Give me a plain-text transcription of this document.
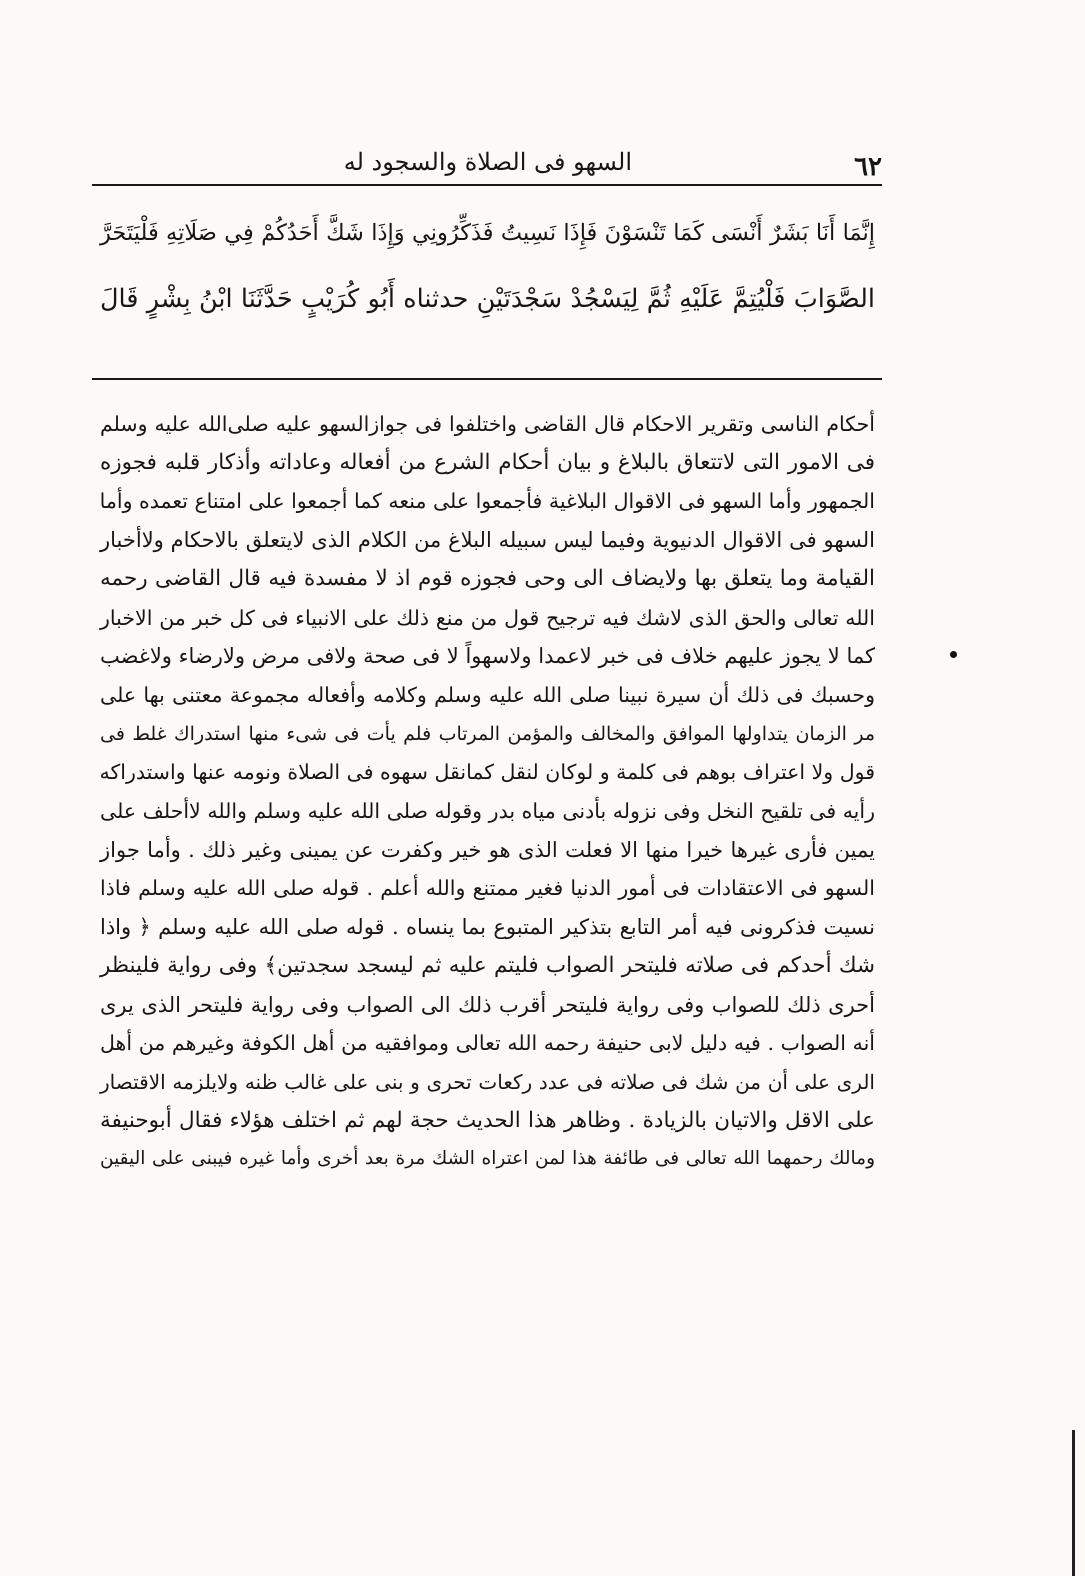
٦٢
السهو فى الصلاة والسجود له
إِنَّمَا أَنَا بَشَرٌ أَنْسَى كَمَا تَنْسَوْنَ فَإِذَا نَسِيتُ فَذَكِّرُونِي وَإِذَا شَكَّ أَحَدُكُمْ فِي صَلَاتِهِ فَلْيَتَحَرَّ
الصَّوَابَ فَلْيُتِمَّ عَلَيْهِ ثُمَّ لِيَسْجُدْ سَجْدَتَيْنِ حدثناه أَبُو كُرَيْبٍ حَدَّثَنَا ابْنُ بِشْرٍ قَالَ
أحكام الناسى وتقرير الاحكام قال القاضى واختلفوا فى جوازالسهو عليه صلى‌الله عليه وسلم
فى الامور التى لاتتعاق بالبلاغ و بيان أحكام الشرع من أفعاله وعاداته وأذكار قلبه فجوزه
الجمهور وأما السهو فى الاقوال البلاغية فأجمعوا على منعه كما أجمعوا على امتناع تعمده وأما
السهو فى الاقوال الدنيوية وفيما ليس سبيله البلاغ من الكلام الذى لايتعلق بالاحكام ولاأخبار
القيامة وما يتعلق بها ولايضاف الى وحى فجوزه قوم اذ لا مفسدة فيه قال القاضى رحمه
الله تعالى والحق الذى لاشك فيه ترجيح قول من منع ذلك على الانبياء فى كل خبر من الاخبار
كما لا يجوز عليهم خلاف فى خبر لاعمدا ولاسهواً لا فى صحة ولافى مرض ولارضاء ولاغضب
وحسبك فى ذلك أن سيرة نبينا صلى الله عليه وسلم وكلامه وأفعاله مجموعة معتنى بها على
مر الزمان يتداولها الموافق والمخالف والمؤمن المرتاب فلم يأت فى شىء منها استدراك غلط فى
قول ولا اعتراف بوهم فى كلمة و لوكان لنقل كمانقل سهوه فى الصلاة ونومه عنها واستدراكه
رأيه فى تلقيح النخل وفى نزوله بأدنى مياه بدر وقوله صلى الله عليه وسلم والله لاأحلف على
يمين فأرى غيرها خيرا منها الا فعلت الذى هو خير وكفرت عن يمينى وغير ذلك . وأما جواز
السهو فى الاعتقادات فى أمور الدنيا فغير ممتنع والله أعلم . قوله صلى الله عليه وسلم فاذا
نسيت فذكرونى فيه أمر التابع بتذكير المتبوع بما ينساه . قوله صلى الله عليه وسلم ﴿ واذا
شك أحدكم فى صلاته فليتحر الصواب فليتم عليه ثم ليسجد سجدتين﴾ وفى رواية فلينظر
أحرى ذلك للصواب وفى رواية فليتحر أقرب ذلك الى الصواب وفى رواية فليتحر الذى يرى
أنه الصواب . فيه دليل لابى حنيفة رحمه الله تعالى وموافقيه من أهل الكوفة وغيرهم من أهل
الرى على أن من شك فى صلاته فى عدد ركعات تحرى و بنى على غالب ظنه ولايلزمه الاقتصار
على الاقل والاتيان بالزيادة . وظاهر هذا الحديث حجة لهم ثم اختلف هؤلاء فقال أبوحنيفة
ومالك رحمهما الله تعالى فى طائفة هذا لمن اعتراه الشك مرة بعد أخرى وأما غيره فيبنى على اليقين
